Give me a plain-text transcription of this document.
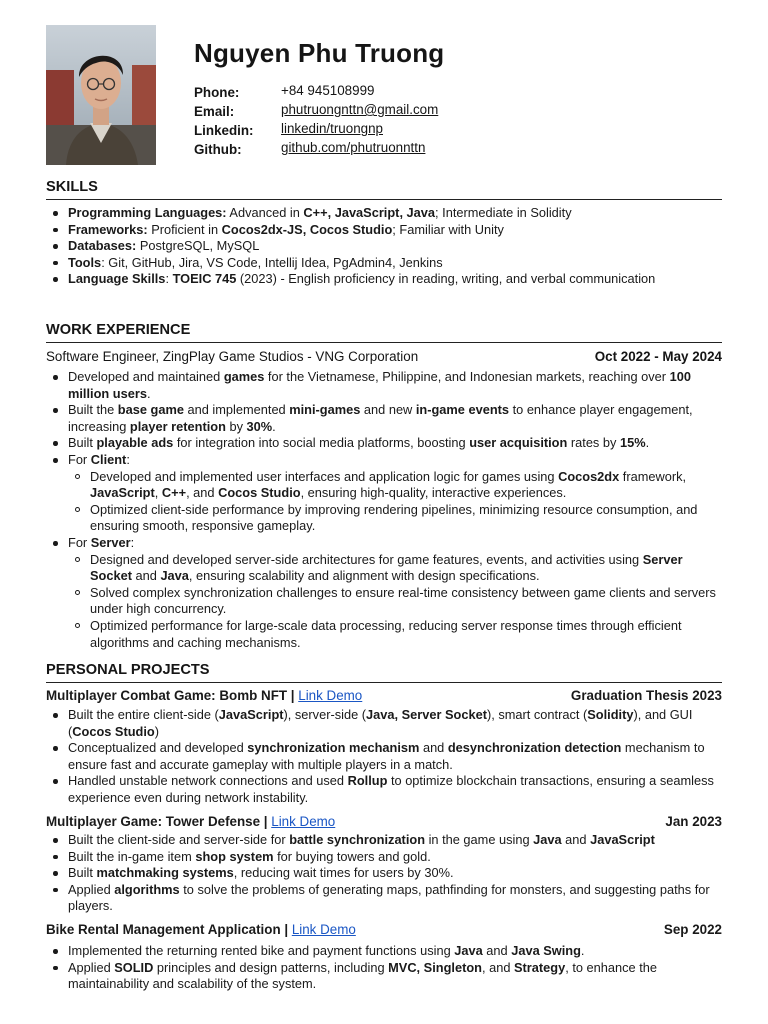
Nguyen Phu Truong
Phone:	+84 945108999
Email:	phutruongnttn@gmail.com
Linkedin:	linkedin/truongnp
Github:	github.com/phutruonnttn
SKILLS
Programming Languages: Advanced in C++, JavaScript, Java; Intermediate in Solidity
Frameworks: Proficient in Cocos2dx-JS, Cocos Studio; Familiar with Unity
Databases: PostgreSQL, MySQL
Tools: Git, GitHub, Jira, VS Code, Intellij Idea, PgAdmin4, Jenkins
Language Skills: TOEIC 745 (2023) - English proficiency in reading, writing, and verbal communication
WORK EXPERIENCE
Software Engineer, ZingPlay Game Studios - VNG Corporation	Oct 2022 - May 2024
Developed and maintained games for the Vietnamese, Philippine, and Indonesian markets, reaching over 100 million users.
Built the base game and implemented mini-games and new in-game events to enhance player engagement, increasing player retention by 30%.
Built playable ads for integration into social media platforms, boosting user acquisition rates by 15%.
For Client:
Developed and implemented user interfaces and application logic for games using Cocos2dx framework, JavaScript, C++, and Cocos Studio, ensuring high-quality, interactive experiences.
Optimized client-side performance by improving rendering pipelines, minimizing resource consumption, and ensuring smooth, responsive gameplay.
For Server:
Designed and developed server-side architectures for game features, events, and activities using Server Socket and Java, ensuring scalability and alignment with design specifications.
Solved complex synchronization challenges to ensure real-time consistency between game clients and servers under high concurrency.
Optimized performance for large-scale data processing, reducing server response times through efficient algorithms and caching mechanisms.
PERSONAL PROJECTS
Multiplayer Combat Game: Bomb NFT | Link Demo	Graduation Thesis 2023
Built the entire client-side (JavaScript), server-side (Java, Server Socket), smart contract (Solidity), and GUI (Cocos Studio)
Conceptualized and developed synchronization mechanism and desynchronization detection mechanism to ensure fast and accurate gameplay with multiple players in a match.
Handled unstable network connections and used Rollup to optimize blockchain transactions, ensuring a seamless experience even during network instability.
Multiplayer Game: Tower Defense | Link Demo	Jan 2023
Built the client-side and server-side for battle synchronization in the game using Java and JavaScript
Built the in-game item shop system for buying towers and gold.
Built matchmaking systems, reducing wait times for users by 30%.
Applied algorithms to solve the problems of generating maps, pathfinding for monsters, and suggesting paths for players.
Bike Rental Management Application | Link Demo	Sep 2022
Implemented the returning rented bike and payment functions using Java and Java Swing.
Applied SOLID principles and design patterns, including MVC, Singleton, and Strategy, to enhance the maintainability and scalability of the system.
